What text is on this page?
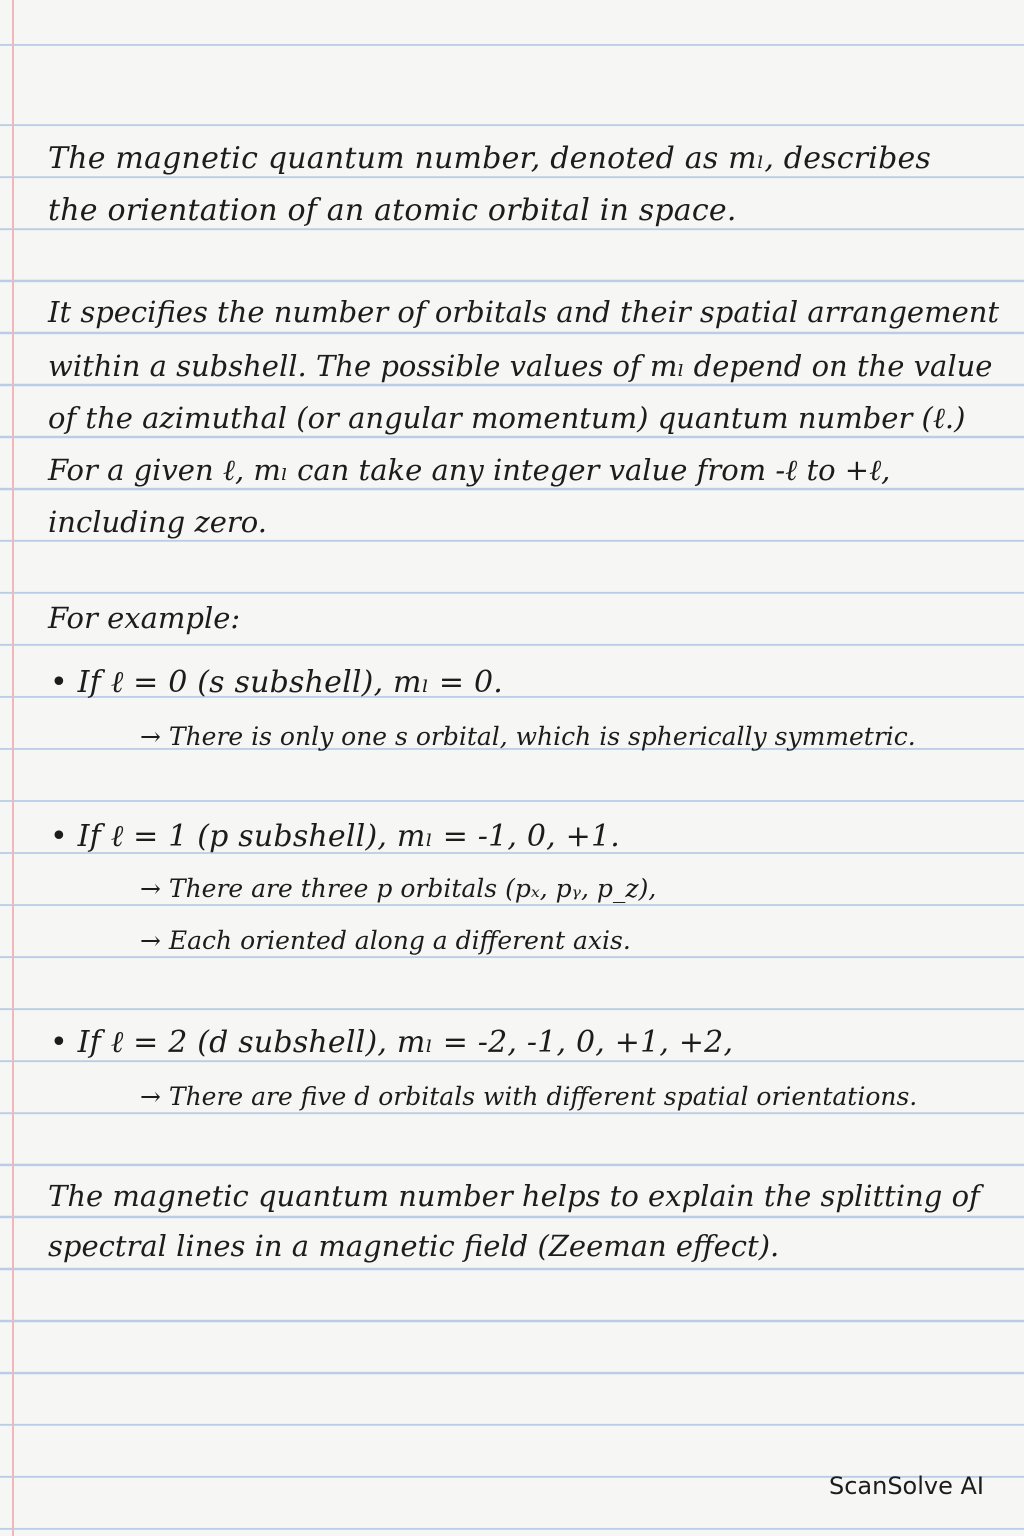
The magnetic quantum number, denoted as mₗ, describes
the orientation of an atomic orbital in space.
It specifies the number of orbitals and their spatial arrangement
within a subshell. The possible values of mₗ depend on the value
of the azimuthal (or angular momentum) quantum number (ℓ.)
For a given ℓ, mₗ can take any integer value from -ℓ to +ℓ,
including zero.
For example:
• If ℓ = 0 (s subshell), mₗ = 0.
→ There is only one s orbital, which is spherically symmetric.
• If ℓ = 1 (p subshell), mₗ = -1, 0, +1.
→ There are three p orbitals (pₓ, pᵧ, p_z),
→ Each oriented along a different axis.
• If ℓ = 2 (d subshell), mₗ = -2, -1, 0, +1, +2,
→ There are five d orbitals with different spatial orientations.
The magnetic quantum number helps to explain the splitting of
spectral lines in a magnetic field (Zeeman effect).
ScanSolve AI
